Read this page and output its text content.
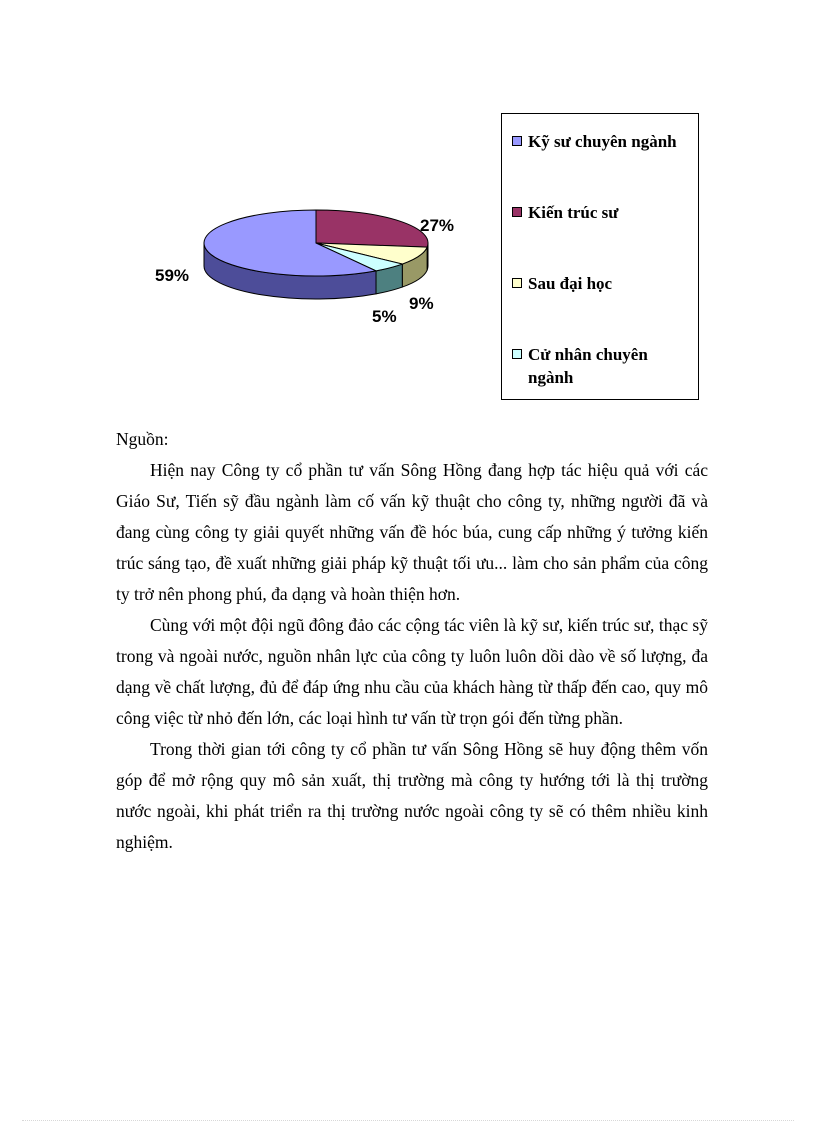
59%
27%
9%
5%
Kỹ sư chuyên ngành
Kiến trúc sư
Sau đại học
Cử nhân chuyên ngành

Nguồn:

Hiện nay Công ty cổ phần tư vấn Sông Hồng đang hợp tác hiệu quả với các Giáo Sư, Tiến sỹ đầu ngành làm cố vấn kỹ thuật cho công ty, những người đã và đang cùng công ty giải quyết những vấn đề hóc búa, cung cấp những ý tưởng kiến trúc sáng tạo, đề xuất những giải pháp kỹ thuật tối ưu... làm cho sản phẩm của công ty trở nên phong phú, đa dạng và hoàn thiện hơn.

Cùng với một đội ngũ đông đảo các cộng tác viên là kỹ sư, kiến trúc sư, thạc sỹ trong và ngoài nước, nguồn nhân lực của công ty luôn luôn dồi dào về số lượng, đa dạng về chất lượng, đủ để đáp ứng nhu cầu của khách hàng từ thấp đến cao, quy mô công việc từ nhỏ đến lớn, các loại hình tư vấn từ trọn gói đến từng phần.

Trong thời gian tới công ty cổ phần tư vấn Sông Hồng sẽ huy động thêm vốn góp để mở rộng quy mô sản xuất, thị trường mà công ty hướng tới là thị trường nước ngoài, khi phát triển ra thị trường nước ngoài công ty sẽ có thêm nhiều kinh nghiệm.
